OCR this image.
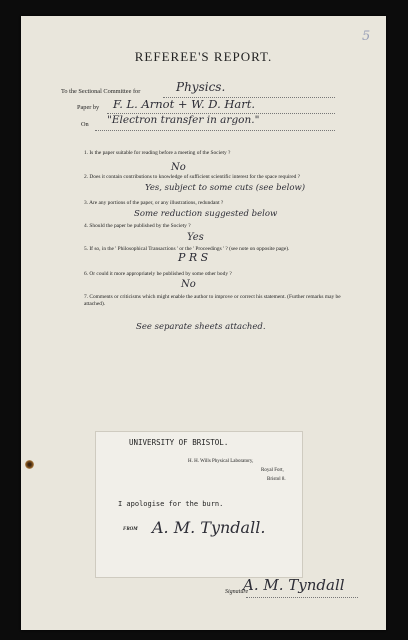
5
REFEREE'S REPORT.
To the Sectional Committee for	Physics.
Paper by F. L. Arnot + W. D. Hart.
On "Electron transfer in argon."
1. Is the paper suitable for reading before a meeting of the Society ?
No
2. Does it contain contributions to knowledge of sufficient scientific interest for the space required ?
Yes, subject to some cuts (see below)
3. Are any portions of the paper, or any illustrations, redundant ?
Some reduction suggested below
4. Should the paper be published by the Society ?
Yes
5. If so, in the ' Philosophical Transactions ' or the ' Proceedings ' ? (see note on opposite page).
P R S
6. Or could it more appropriately be published by some other body ?
No
7. Comments or criticisms which might enable the author to improve or correct his statement. (Further remarks may be attached).
See separate sheets attached.
UNIVERSITY OF BRISTOL.
H. H. Wills Physical Laboratory,
Royal Fort,
Bristol 8.
I apologise for the burn.
FROM A. M. Tyndall.
Signature
A. M. Tyndall
